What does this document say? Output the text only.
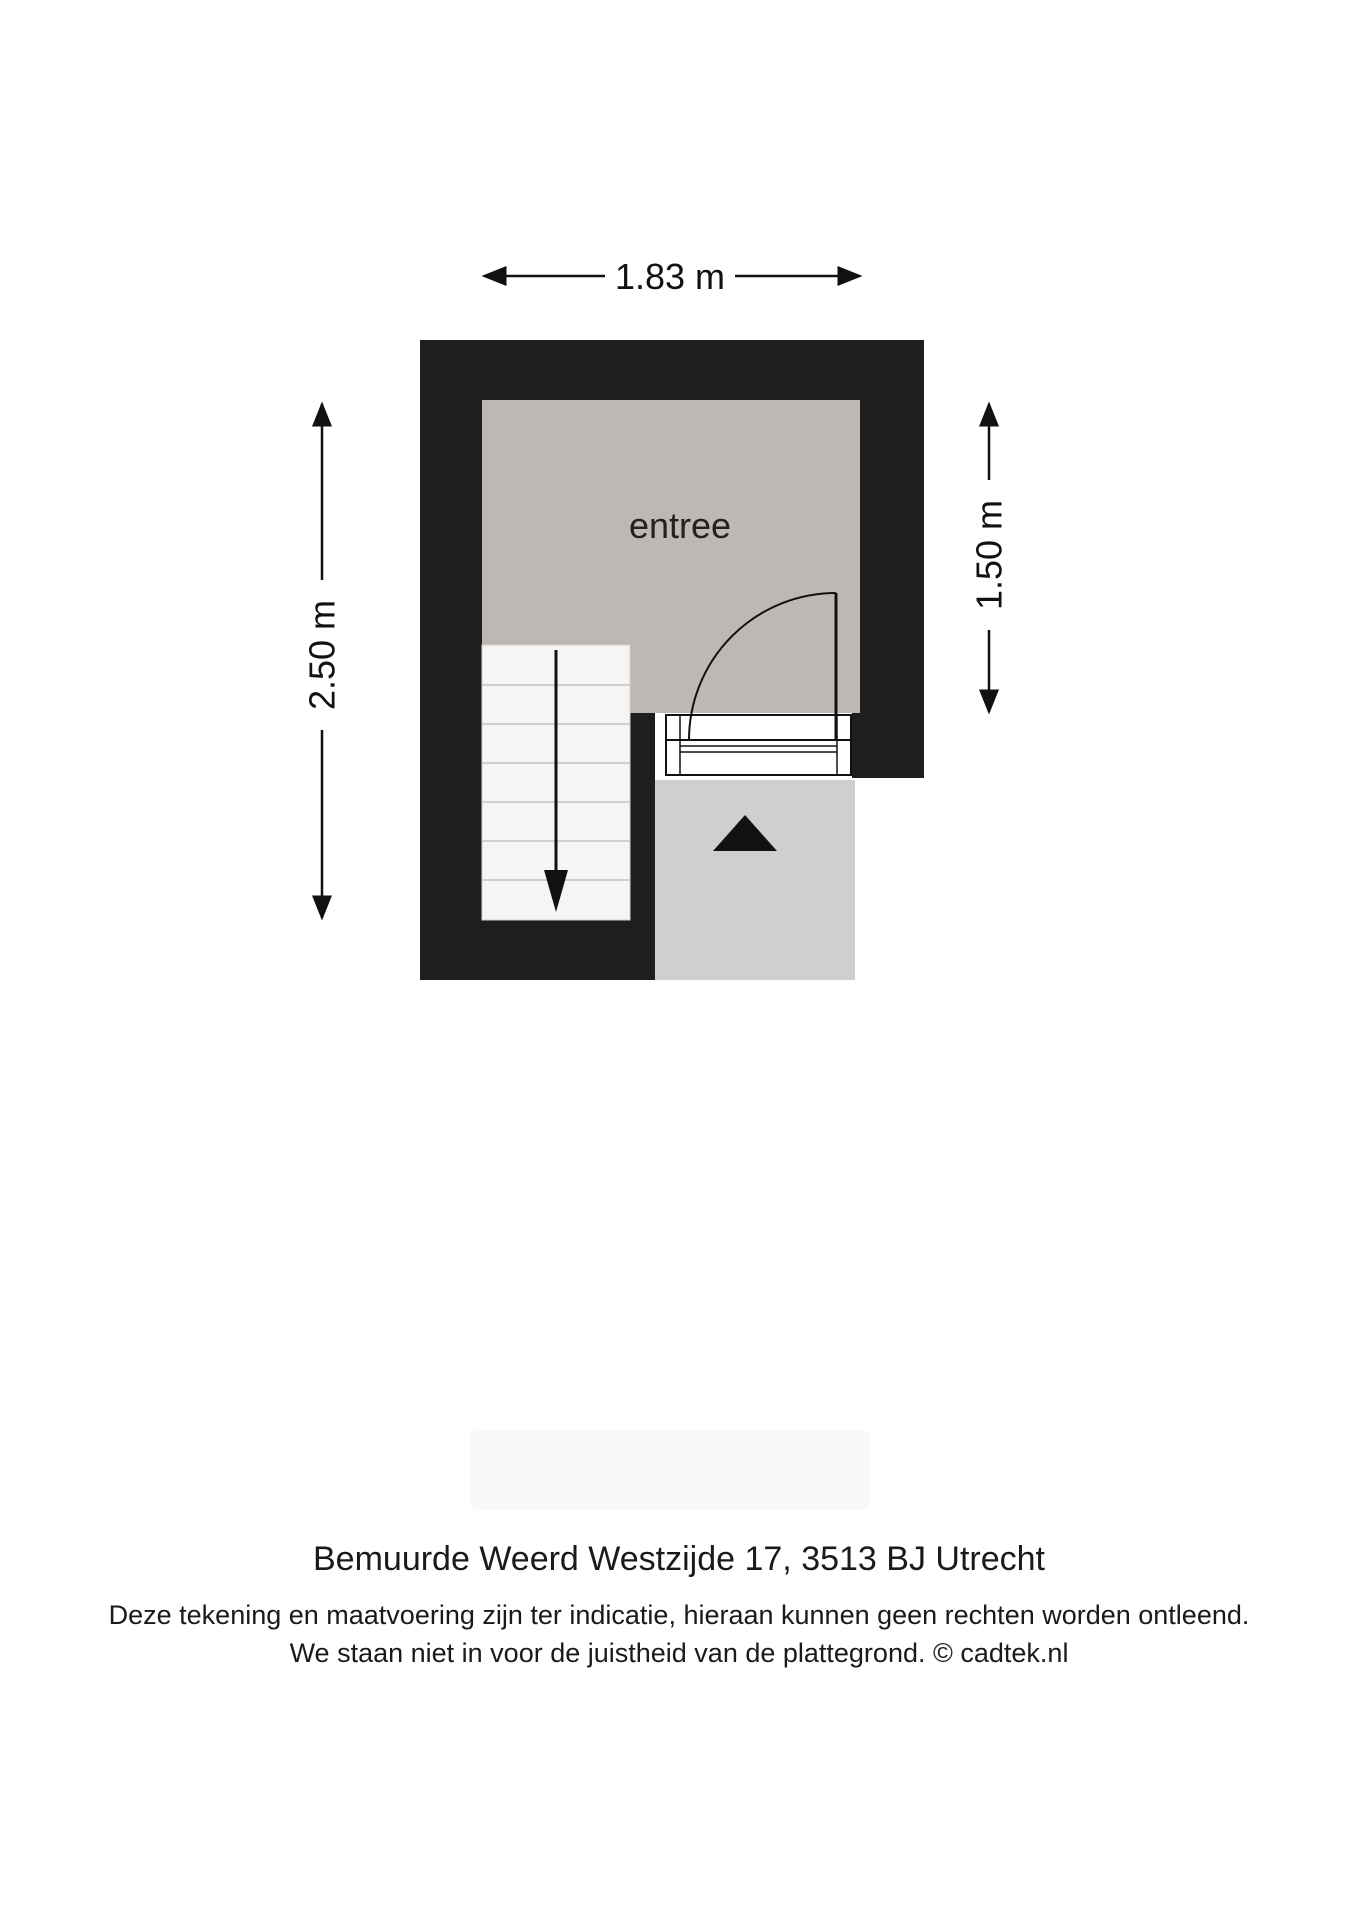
entree
1.83 m
2.50 m
1.50 m
Bemuurde Weerd Westzijde 17, 3513 BJ Utrecht
Deze tekening en maatvoering zijn ter indicatie, hieraan kunnen geen rechten worden ontleend.
We staan niet in voor de juistheid van de plattegrond. © cadtek.nl
